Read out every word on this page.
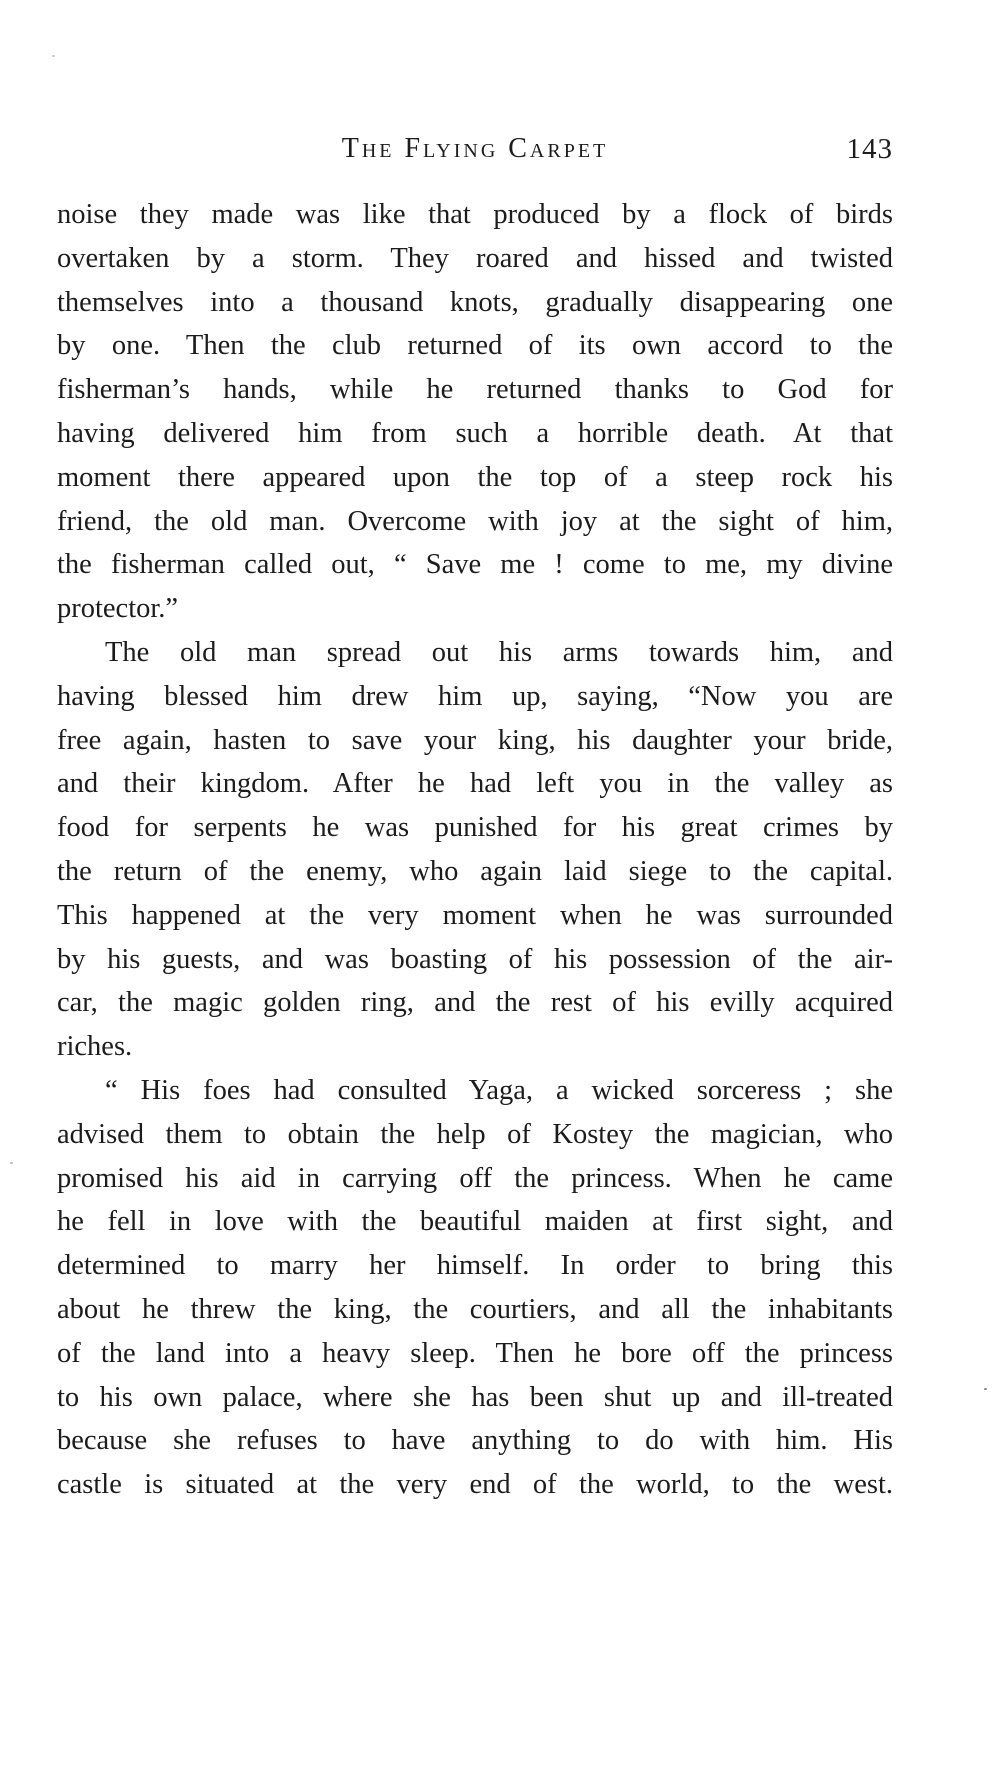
The Flying Carpet	143
noise they made was like that produced by a flock of birds
overtaken by a storm. They roared and hissed and twisted
themselves into a thousand knots, gradually disappearing one
by one. Then the club returned of its own accord to the
fisherman’s hands, while he returned thanks to God for
having delivered him from such a horrible death. At that
moment there appeared upon the top of a steep rock his
friend, the old man. Overcome with joy at the sight of him,
the fisherman called out, “ Save me ! come to me, my divine
protector.”
The old man spread out his arms towards him, and
having blessed him drew him up, saying, “Now you are
free again, hasten to save your king, his daughter your bride,
and their kingdom. After he had left you in the valley as
food for serpents he was punished for his great crimes by
the return of the enemy, who again laid siege to the capital.
This happened at the very moment when he was surrounded
by his guests, and was boasting of his possession of the air-
car, the magic golden ring, and the rest of his evilly acquired
riches.
“ His foes had consulted Yaga, a wicked sorceress ; she
advised them to obtain the help of Kostey the magician, who
promised his aid in carrying off the princess. When he came
he fell in love with the beautiful maiden at first sight, and
determined to marry her himself. In order to bring this
about he threw the king, the courtiers, and all the inhabitants
of the land into a heavy sleep. Then he bore off the princess
to his own palace, where she has been shut up and ill-treated
because she refuses to have anything to do with him. His
castle is situated at the very end of the world, to the west.
